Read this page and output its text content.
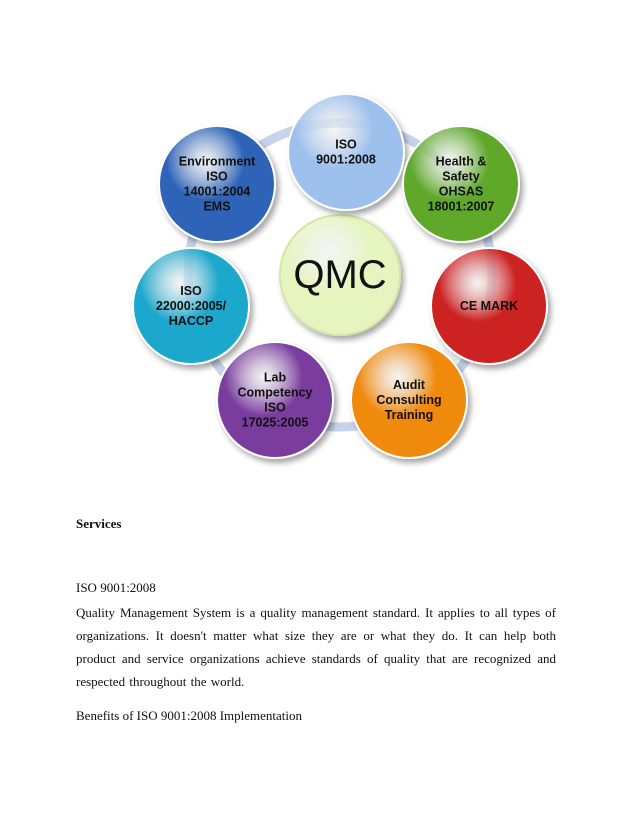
QMC
ISO 9001:2008	Health & Safety OHSAS 18001:2007
CE MARK
Audit Consulting Training
Lab Competency ISO 17025:2005
ISO 22000:2005/ HACCP
Environment ISO 14001:2004 EMS
Services
ISO 9001:2008
Quality Management System is a quality management standard. It applies to all types of organizations. It doesn't matter what size they are or what they do. It can help both product and service organizations achieve standards of quality that are recognized and respected throughout the world.
Benefits of ISO 9001:2008 Implementation
